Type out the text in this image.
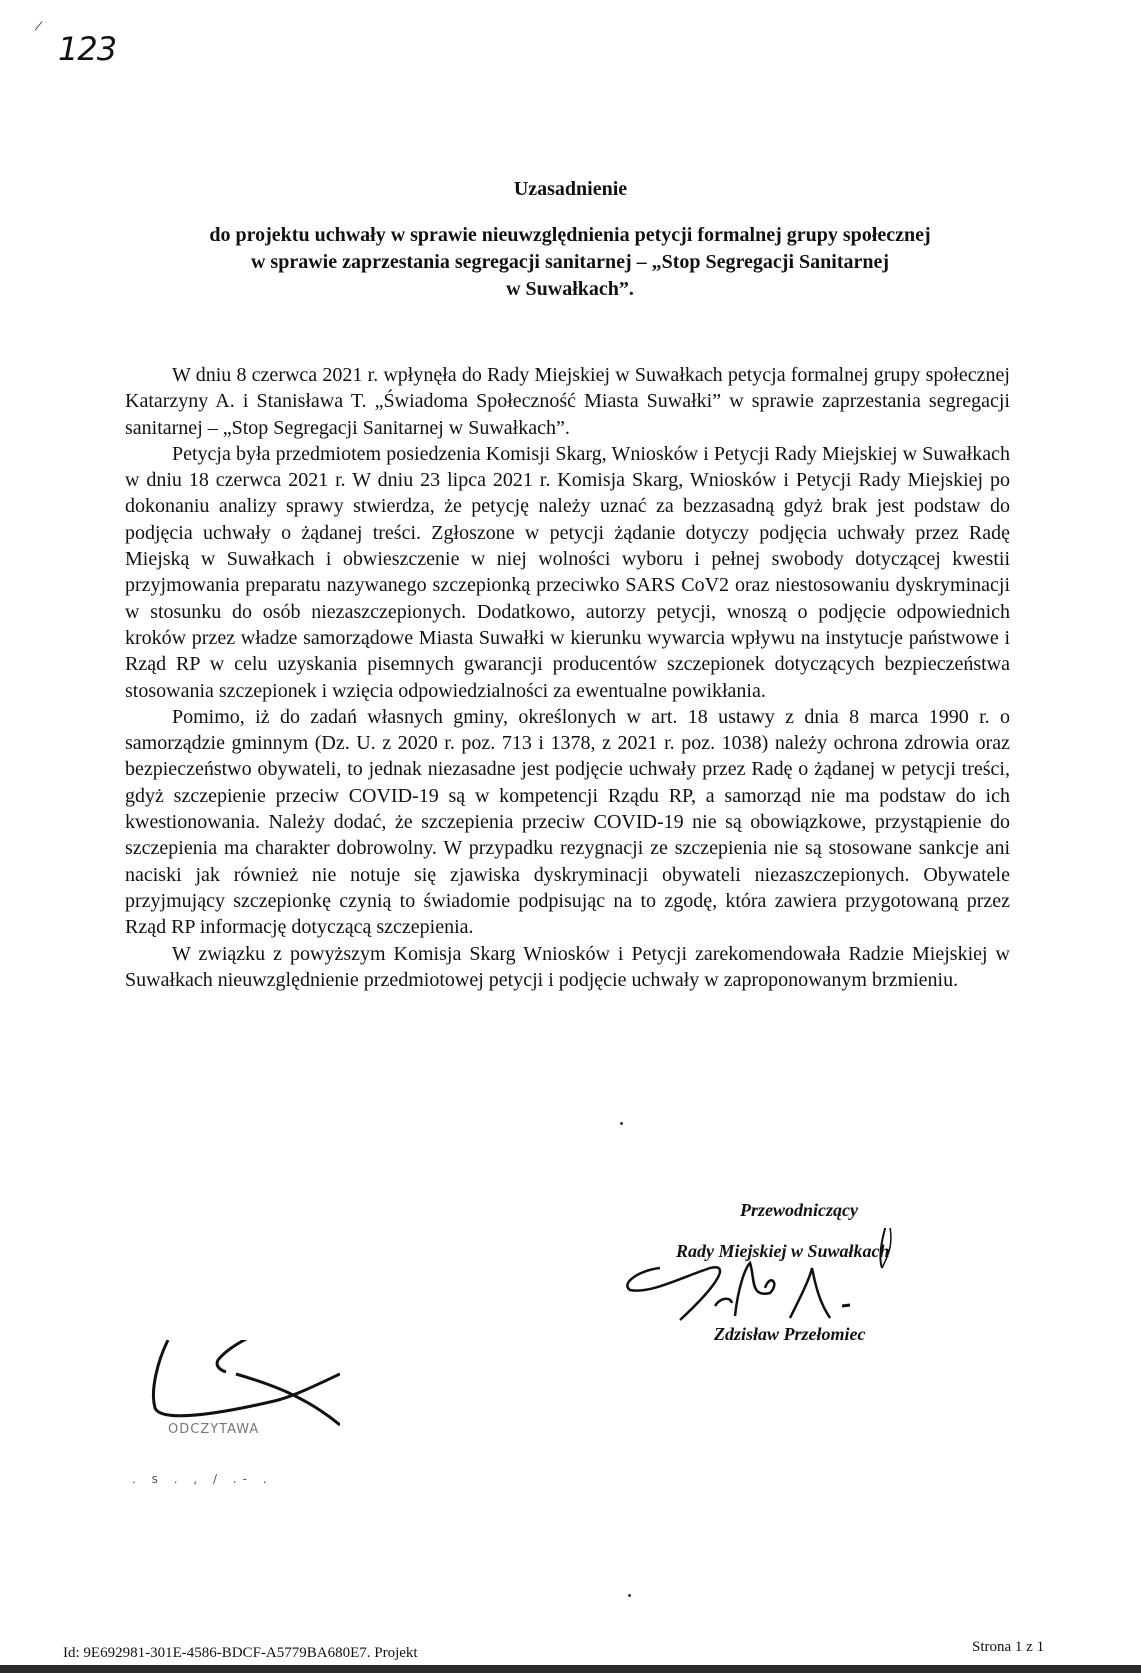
/
123
Uzasadnienie
do projektu uchwały w sprawie nieuwzględnienia petycji formalnej grupy społecznej
w sprawie zaprzestania segregacji sanitarnej – „Stop Segregacji Sanitarnej
w Suwałkach”.

W dniu 8 czerwca 2021 r. wpłynęła do Rady Miejskiej w Suwałkach petycja formalnej grupy społecznej Katarzyny A. i Stanisława T. „Świadoma Społeczność Miasta Suwałki” w sprawie zaprzestania segregacji sanitarnej – „Stop Segregacji Sanitarnej w Suwałkach”.

Petycja była przedmiotem posiedzenia Komisji Skarg, Wniosków i Petycji Rady Miejskiej w Suwałkach w dniu 18 czerwca 2021 r. W dniu 23 lipca 2021 r. Komisja Skarg, Wniosków i Petycji Rady Miejskiej po dokonaniu analizy sprawy stwierdza, że petycję należy uznać za bezzasadną gdyż brak jest podstaw do podjęcia uchwały o żądanej treści. Zgłoszone w petycji żądanie dotyczy podjęcia uchwały przez Radę Miejską w Suwałkach i obwieszczenie w niej wolności wyboru i pełnej swobody dotyczącej kwestii przyjmowania preparatu nazywanego szczepionką przeciwko SARS CoV2 oraz niestosowaniu dyskryminacji w stosunku do osób niezaszczepionych. Dodatkowo, autorzy petycji, wnoszą o podjęcie odpowiednich kroków przez władze samorządowe Miasta Suwałki w kierunku wywarcia wpływu na instytucje państwowe i Rząd RP w celu uzyskania pisemnych gwarancji producentów szczepionek dotyczących bezpieczeństwa stosowania szczepionek i wzięcia odpowiedzialności za ewentualne powikłania.

Pomimo, iż do zadań własnych gminy, określonych w art. 18 ustawy z dnia 8 marca 1990 r. o samorządzie gminnym (Dz. U. z 2020 r. poz. 713 i 1378, z 2021 r. poz. 1038) należy ochrona zdrowia oraz bezpieczeństwo obywateli, to jednak niezasadne jest podjęcie uchwały przez Radę o żądanej w petycji treści, gdyż szczepienie przeciw COVID-19 są w kompetencji Rządu RP, a samorząd nie ma podstaw do ich kwestionowania. Należy dodać, że szczepienia przeciw COVID-19 nie są obowiązkowe, przystąpienie do szczepienia ma charakter dobrowolny. W przypadku rezygnacji ze szczepienia nie są stosowane sankcje ani naciski jak również nie notuje się zjawiska dyskryminacji obywateli niezaszczepionych. Obywatele przyjmujący szczepionkę czynią to świadomie podpisując na to zgodę, która zawiera przygotowaną przez Rząd RP informację dotyczącą szczepienia.

W związku z powyższym Komisja Skarg Wniosków i Petycji zarekomendowała Radzie Miejskiej w Suwałkach nieuwzględnienie przedmiotowej petycji i podjęcie uchwały w zaproponowanym brzmieniu.

Przewodniczący
Rady Miejskiej w Suwałkach
Zdzisław Przełomiec
ODCZYTAWA
. s . , / .- .
Id: 9E692981-301E-4586-BDCF-A5779BA680E7. Projekt	Strona 1 z 1
